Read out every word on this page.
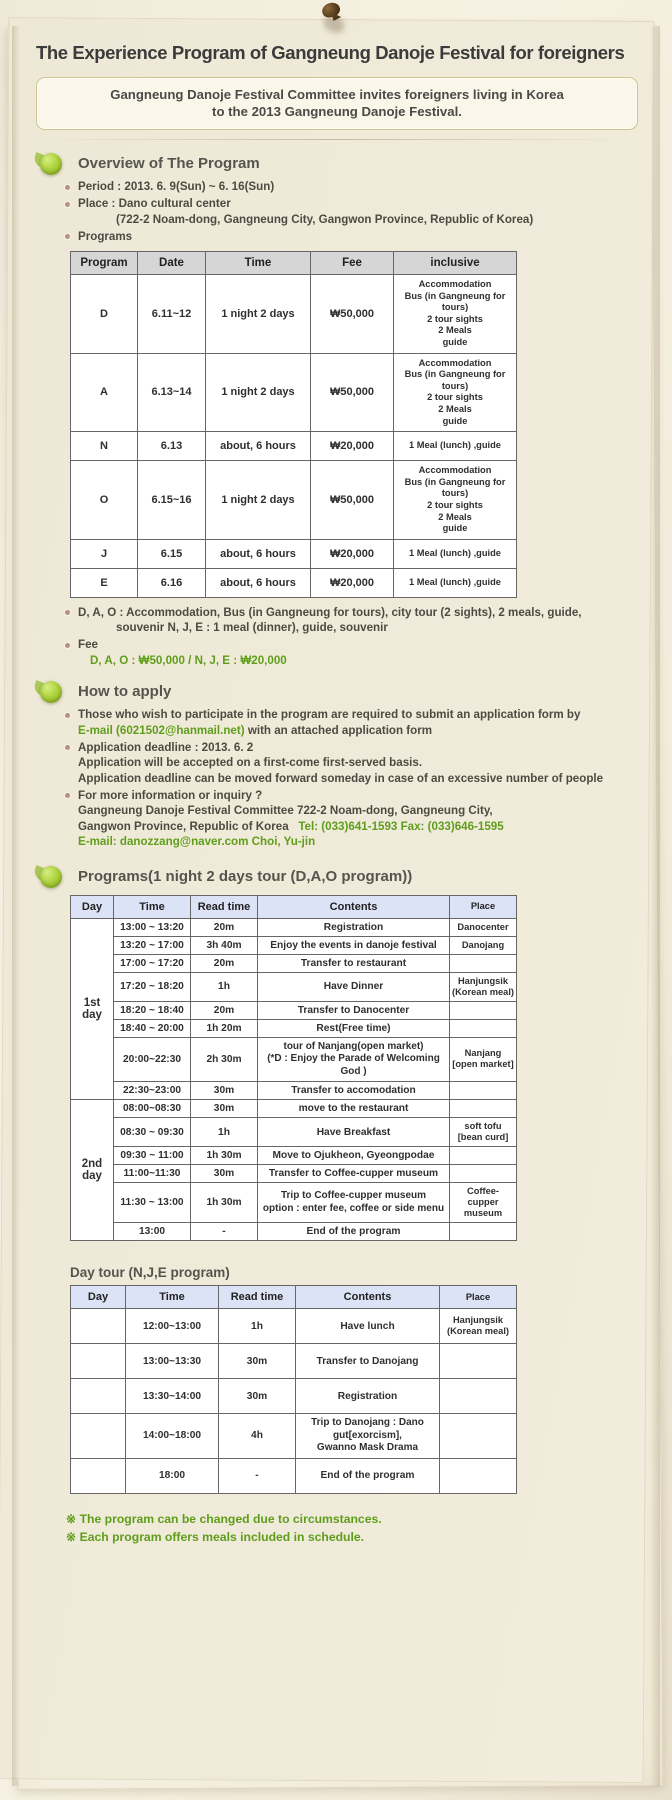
The Experience Program of Gangneung Danoje Festival for foreigners
Gangneung Danoje Festival Committee invites foreigners living in Korea
to the 2013 Gangneung Danoje Festival.
Overview of The Program
Period : 2013. 6. 9(Sun) ~ 6. 16(Sun)
Place : Dano cultural center
(722-2 Noam-dong, Gangneung City, Gangwon Province, Republic of Korea)
Programs
Program	Date	Time	Fee	inclusive
D	6.11~12	1 night 2 days	₩50,000	Accommodation
Bus (in Gangneung for tours)
2 tour sights
2 Meals
guide
A	6.13~14	1 night 2 days	₩50,000	Accommodation
Bus (in Gangneung for tours)
2 tour sights
2 Meals
guide
N	6.13	about, 6 hours	₩20,000	1 Meal (lunch) ,guide
O	6.15~16	1 night 2 days	₩50,000	Accommodation
Bus (in Gangneung for tours)
2 tour sights
2 Meals
guide
J	6.15	about, 6 hours	₩20,000	1 Meal (lunch) ,guide
E	6.16	about, 6 hours	₩20,000	1 Meal (lunch) ,guide
D, A, O : Accommodation, Bus (in Gangneung for tours), city tour (2 sights), 2 meals, guide,
souvenir N, J, E : 1 meal (dinner), guide, souvenir
Fee
D, A, O : ₩50,000 / N, J, E : ₩20,000
How to apply
Those who wish to participate in the program are required to submit an application form by
E-mail (6021502@hanmail.net) with an attached application form
Application deadline : 2013. 6. 2
Application will be accepted on a first-come first-served basis.
Application deadline can be moved forward someday in case of an excessive number of people
For more information or inquiry ?
Gangneung Danoje Festival Committee 722-2 Noam-dong, Gangneung City,
Gangwon Province, Republic of Korea Tel: (033)641-1593 Fax: (033)646-1595
E-mail: danozzang@naver.com Choi, Yu-jin
Programs(1 night 2 days tour (D,A,O program))
Day	Time	Read time	Contents	Place
1st
day	13:00 ~ 13:20	20m	Registration	Danocenter
	13:20 ~ 17:00	3h 40m	Enjoy the events in danoje festival	Danojang
	17:00 ~ 17:20	20m	Transfer to restaurant	
	17:20 ~ 18:20	1h	Have Dinner	Hanjungsik
(Korean meal)
	18:20 ~ 18:40	20m	Transfer to Danocenter	
	18:40 ~ 20:00	1h 20m	Rest(Free time)	
	20:00~22:30	2h 30m	tour of Nanjang(open market)
(*D : Enjoy the Parade of Welcoming God )	Nanjang
[open market]
	22:30~23:00	30m	Transfer to accomodation	
2nd
day	08:00~08:30	30m	move to the restaurant	
	08:30 ~ 09:30	1h	Have Breakfast	soft tofu
[bean curd]
	09:30 ~ 11:00	1h 30m	Move to Ojukheon, Gyeongpodae	
	11:00~11:30	30m	Transfer to Coffee-cupper museum	
	11:30 ~ 13:00	1h 30m	Trip to Coffee-cupper museum
option : enter fee, coffee or side menu	Coffee-cupper
museum
	13:00	-	End of the program	
Day tour (N,J,E program)
Day	Time	Read time	Contents	Place
	12:00~13:00	1h	Have lunch	Hanjungsik
(Korean meal)
	13:00~13:30	30m	Transfer to Danojang	
	13:30~14:00	30m	Registration	
	14:00~18:00	4h	Trip to Danojang : Dano gut[exorcism],
Gwanno Mask Drama	
	18:00	-	End of the program	
※ The program can be changed due to circumstances.
※ Each program offers meals included in schedule.
